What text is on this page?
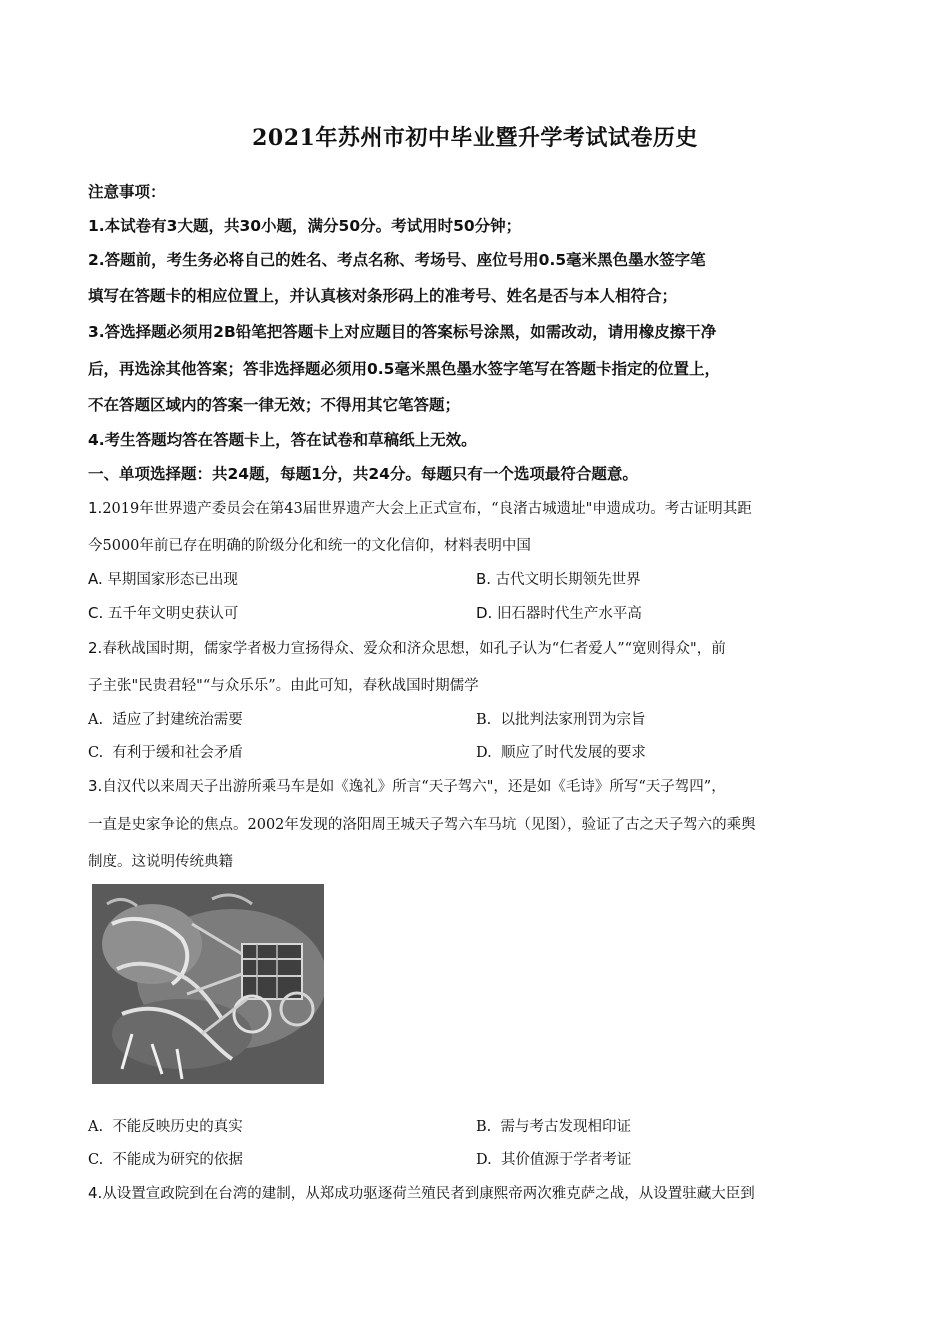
2021年苏州市初中毕业暨升学考试试卷历史
注意事项：
1.本试卷有3大题，共30小题，满分50分。考试用时50分钟；
2.答题前，考生务必将自己的姓名、考点名称、考场号、座位号用0.5毫米黑色墨水签字笔
填写在答题卡的相应位置上，并认真核对条形码上的准考号、姓名是否与本人相符合；
3.答选择题必须用2B铅笔把答题卡上对应题目的答案标号涂黑，如需改动，请用橡皮擦干净
后，再选涂其他答案；答非选择题必须用0.5毫米黑色墨水签字笔写在答题卡指定的位置上，
不在答题区域内的答案一律无效；不得用其它笔答题；
4.考生答题均答在答题卡上，答在试卷和草稿纸上无效。
一、单项选择题：共24题，每题1分，共24分。每题只有一个选项最符合题意。
1.2019年世界遗产委员会在第43届世界遗产大会上正式宣布，“良渚古城遗址"申遗成功。考古证明其距
今5000年前已存在明确的阶级分化和统一的文化信仰，材料表明中国
A. 早期国家形态已出现	B. 古代文明长期领先世界
C. 五千年文明史获认可	D. 旧石器时代生产水平高
2.春秋战国时期，儒家学者极力宣扬得众、爱众和济众思想，如孔子认为“仁者爱人”“宽则得众"，前
子主张"民贵君轻"“与众乐乐”。由此可知，春秋战国时期儒学
A. 适应了封建统治需要	B. 以批判法家刑罚为宗旨
C. 有利于缓和社会矛盾	D. 顺应了时代发展的要求
3.自汉代以来周天子出游所乘马车是如《逸礼》所言“天子驾六"，还是如《毛诗》所写“天子驾四”，
一直是史家争论的焦点。2002年发现的洛阳周王城天子驾六车马坑（见图），验证了古之天子驾六的乘舆
制度。这说明传统典籍
A. 不能反映历史的真实	B. 需与考古发现相印证
C. 不能成为研究的依据	D. 其价值源于学者考证
4.从设置宣政院到在台湾的建制，从郑成功驱逐荷兰殖民者到康熙帝两次雅克萨之战，从设置驻藏大臣到
